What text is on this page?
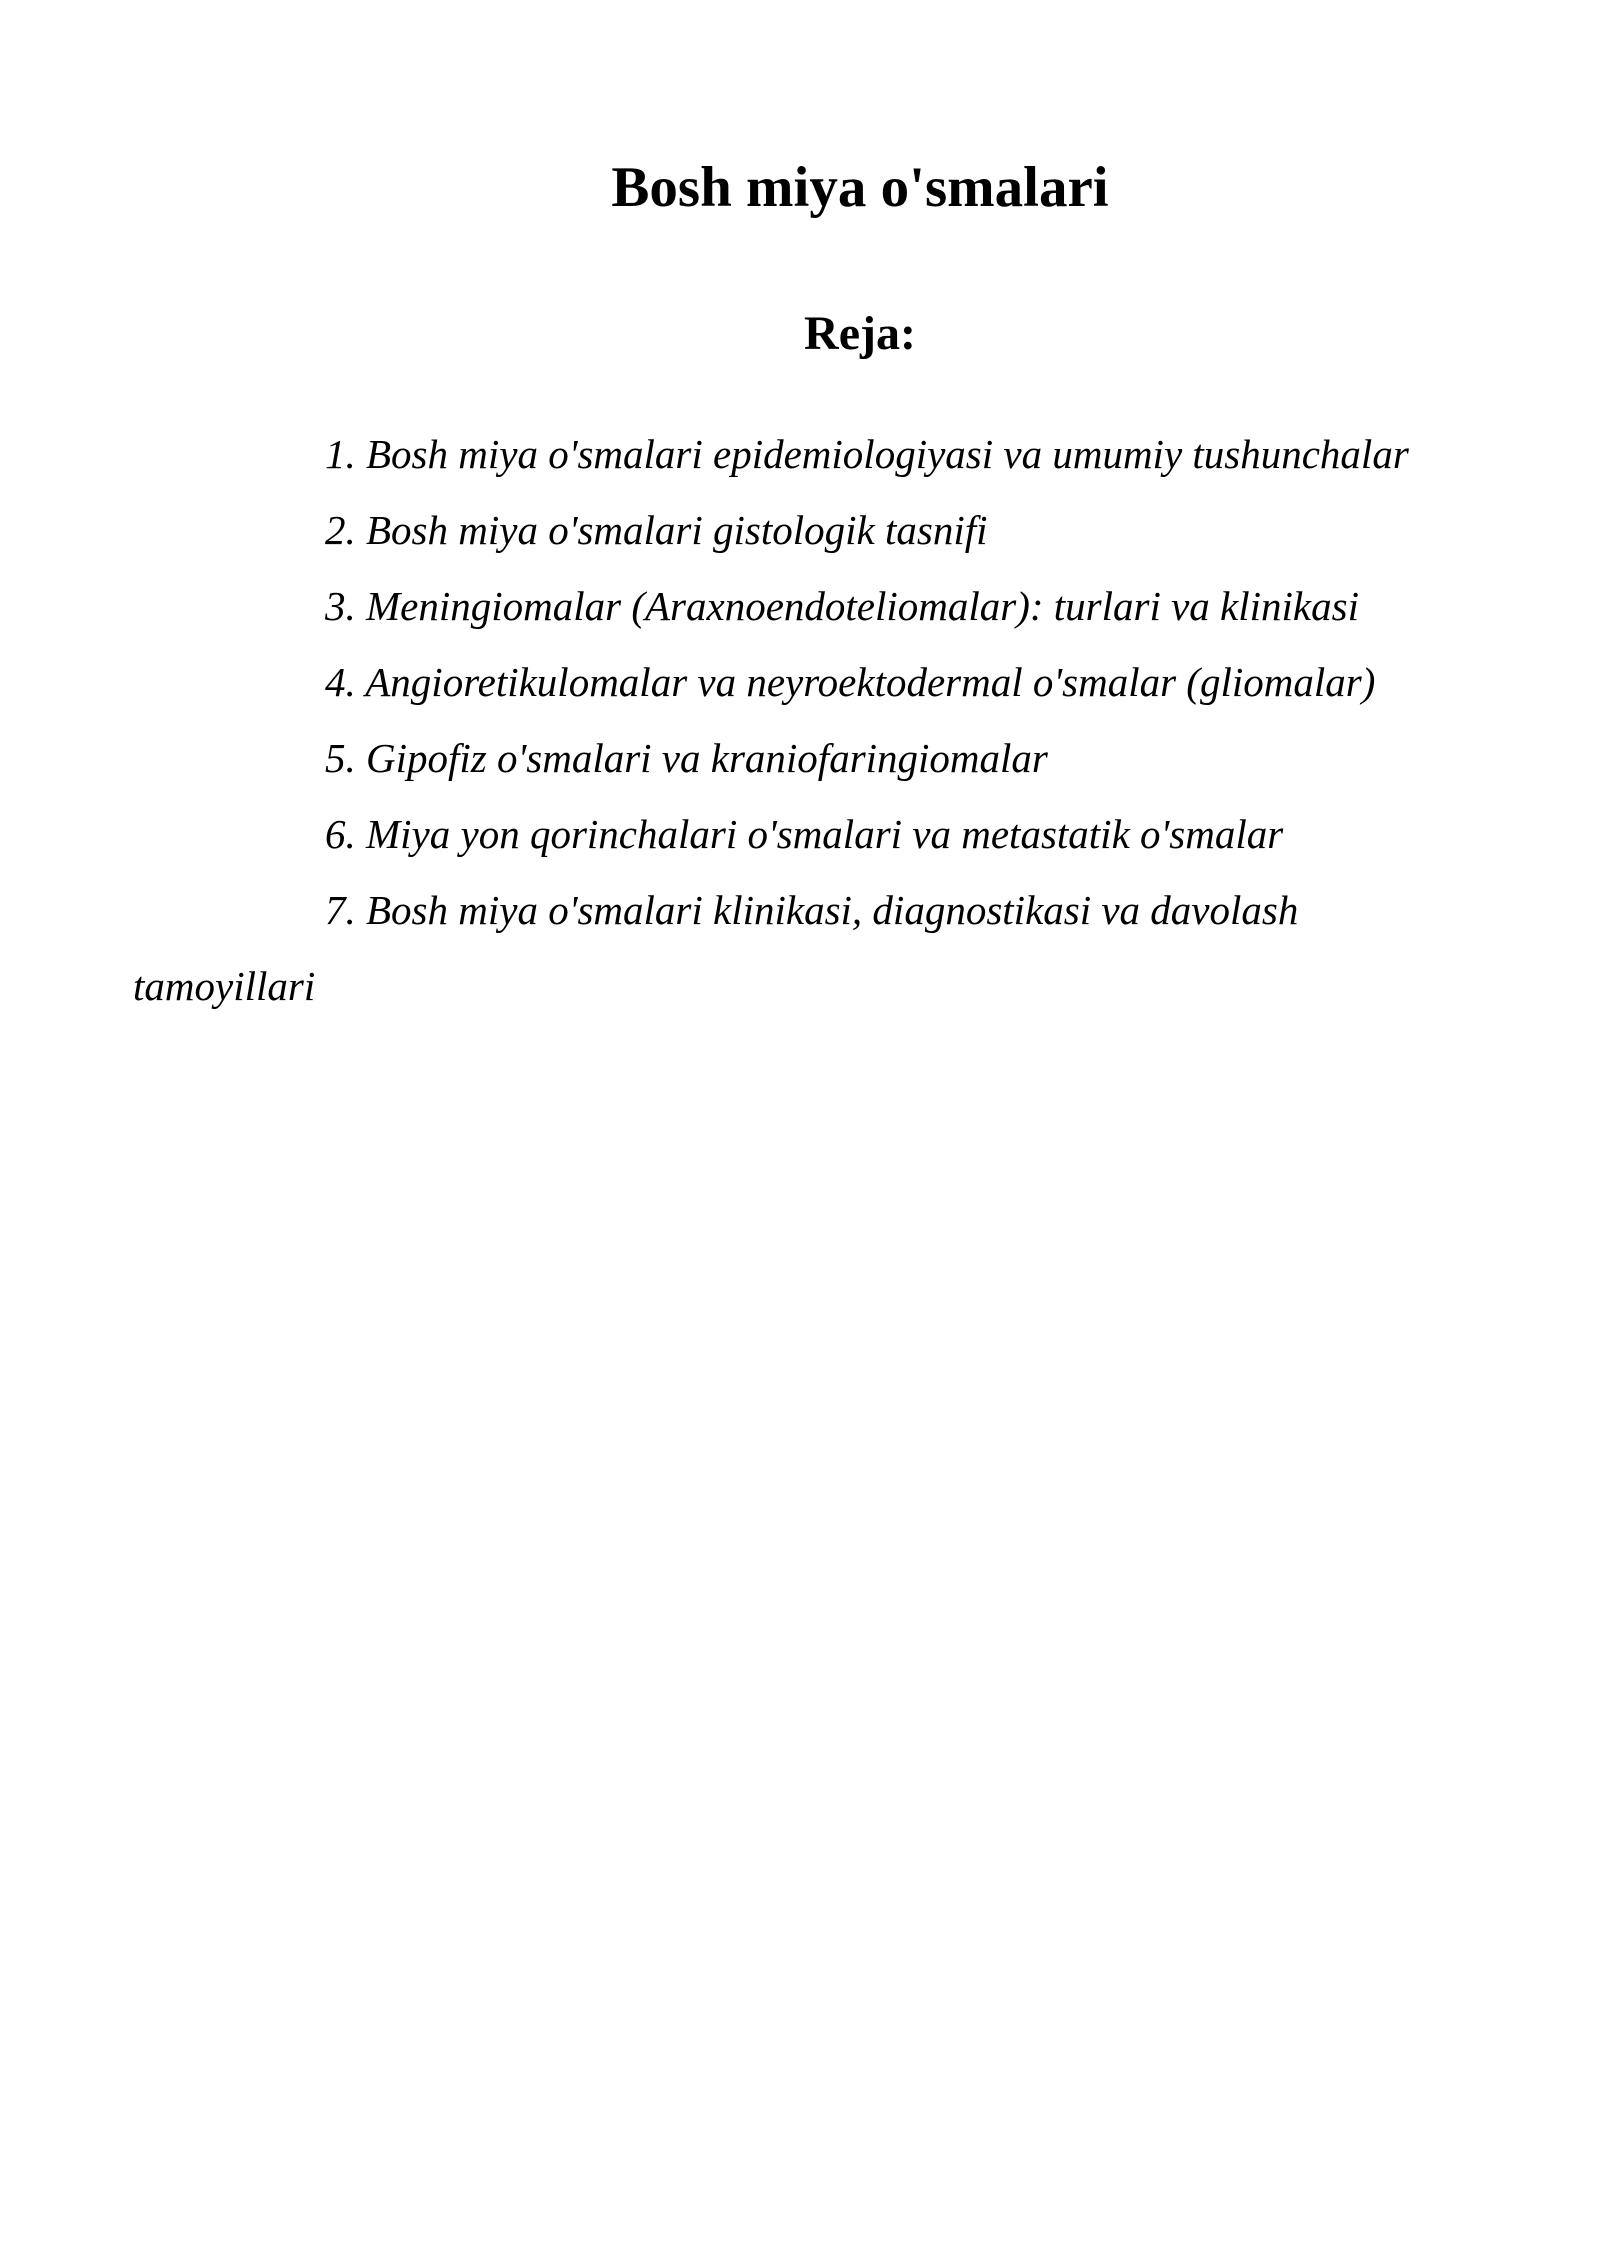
Bosh miya o'smalari
Reja:
1. Bosh miya o'smalari epidemiologiyasi va umumiy tushunchalar
2. Bosh miya o'smalari gistologik tasnifi
3. Meningiomalar (Araxnoendoteliomalar): turlari va klinikasi
4. Angioretikulomalar va neyroektodermal o'smalar (gliomalar)
5. Gipofiz o'smalari va kraniofaringiomalar
6. Miya yon qorinchalari o'smalari va metastatik o'smalar
7. Bosh miya o'smalari klinikasi, diagnostikasi va davolash
tamoyillari
